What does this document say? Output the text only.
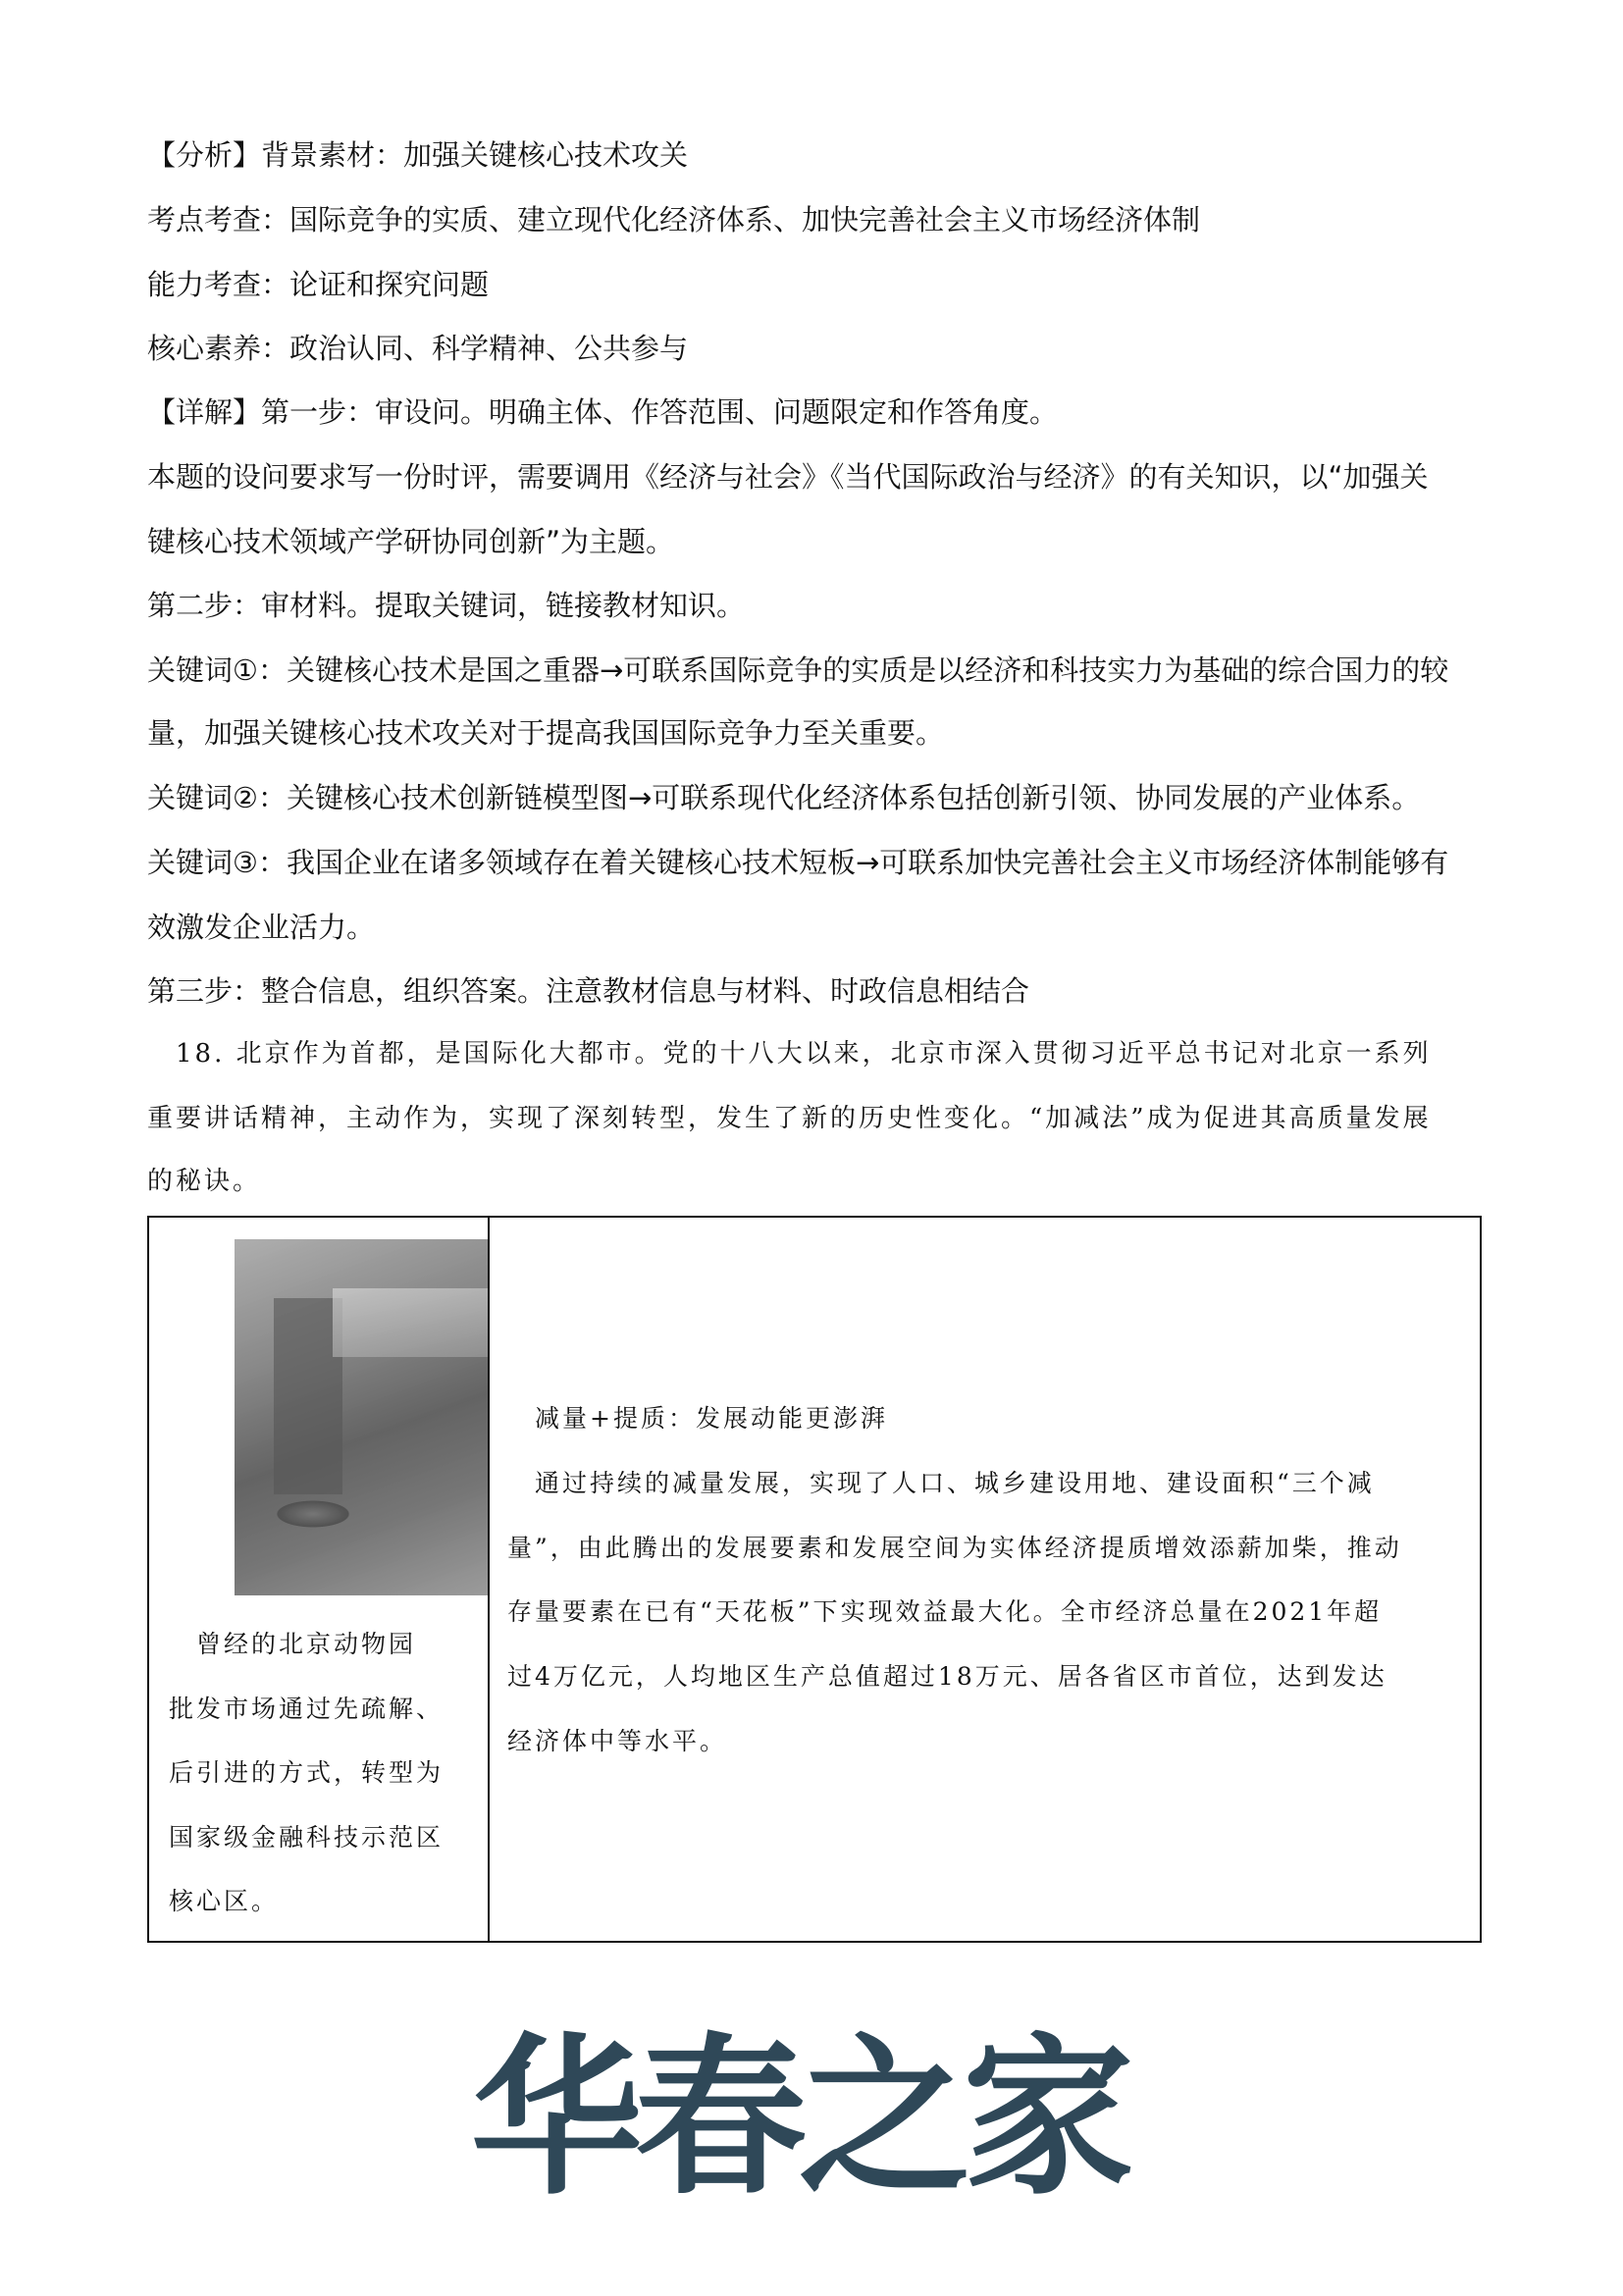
【分析】背景素材：加强关键核心技术攻关
考点考查：国际竞争的实质、建立现代化经济体系、加快完善社会主义市场经济体制
能力考查：论证和探究问题
核心素养：政治认同、科学精神、公共参与
【详解】第一步：审设问。明确主体、作答范围、问题限定和作答角度。
本题的设问要求写一份时评，需要调用《经济与社会》《当代国际政治与经济》的有关知识，以“加强关
键核心技术领域产学研协同创新”为主题。
第二步：审材料。提取关键词，链接教材知识。
关键词①：关键核心技术是国之重器→可联系国际竞争的实质是以经济和科技实力为基础的综合国力的较
量，加强关键核心技术攻关对于提高我国国际竞争力至关重要。
关键词②：关键核心技术创新链模型图→可联系现代化经济体系包括创新引领、协同发展的产业体系。
关键词③：我国企业在诸多领域存在着关键核心技术短板→可联系加快完善社会主义市场经济体制能够有
效激发企业活力。
第三步：整合信息，组织答案。注意教材信息与材料、时政信息相结合
　18. 北京作为首都，是国际化大都市。党的十八大以来，北京市深入贯彻习近平总书记对北京一系列
重要讲话精神，主动作为，实现了深刻转型，发生了新的历史性变化。“加减法”成为促进其高质量发展
的秘诀。
　曾经的北京动物园
批发市场通过先疏解、
后引进的方式，转型为
国家级金融科技示范区
核心区。
　减量+提质：发展动能更澎湃
　通过持续的减量发展，实现了人口、城乡建设用地、建设面积“三个减
量”，由此腾出的发展要素和发展空间为实体经济提质增效添薪加柴，推动
存量要素在已有“天花板”下实现效益最大化。全市经济总量在2021年超
过4万亿元，人均地区生产总值超过18万元、居各省区市首位，达到发达
经济体中等水平。
华春之家
